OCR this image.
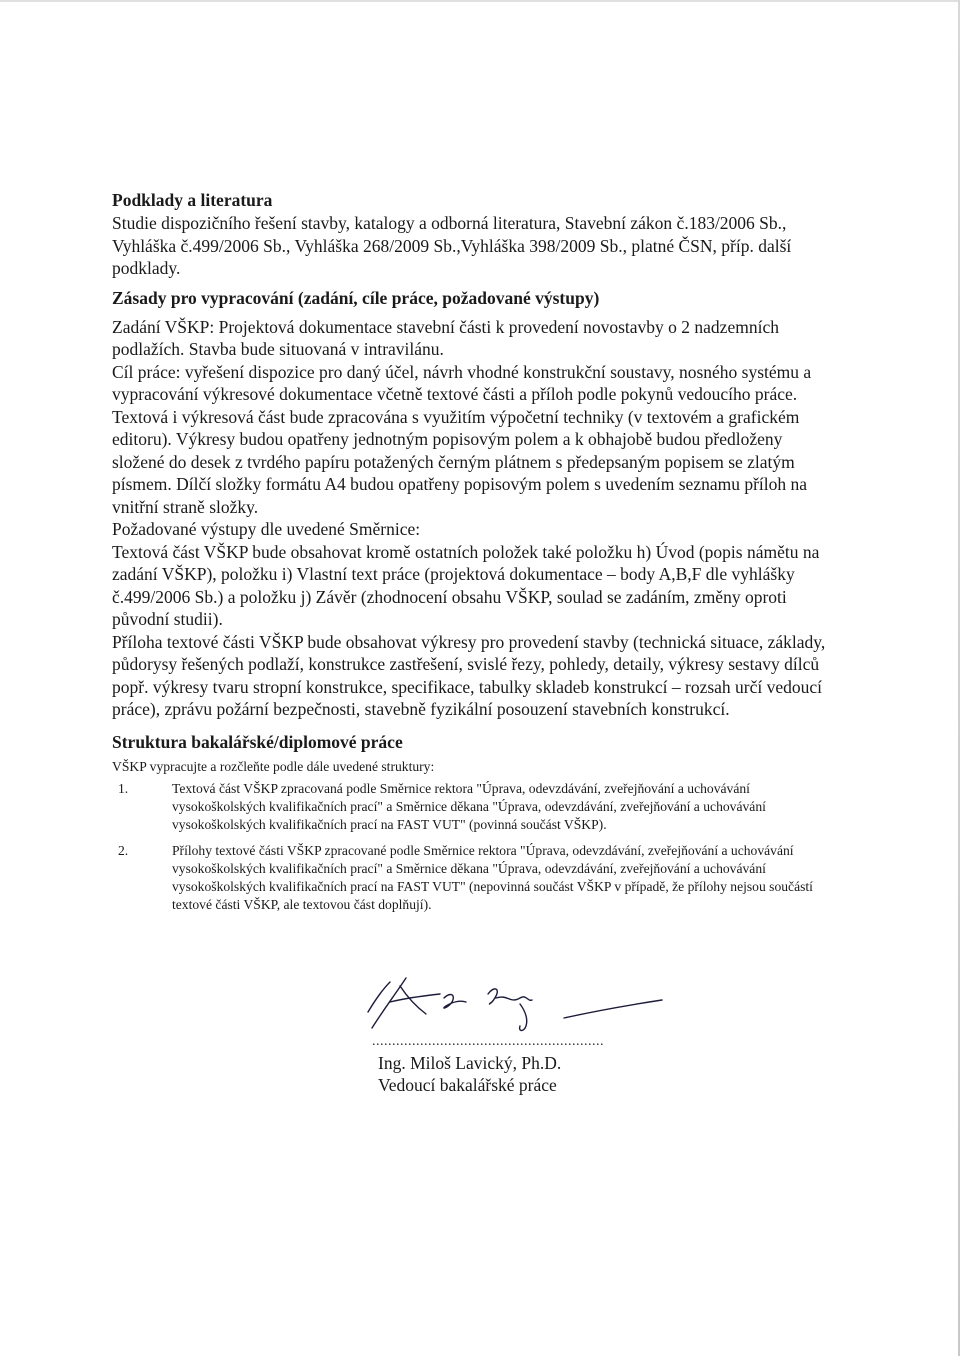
Podklady a literatura

Studie dispozičního řešení stavby, katalogy a odborná literatura, Stavební zákon č.183/2006 Sb., Vyhláška č.499/2006 Sb., Vyhláška 268/2009 Sb.,Vyhláška 398/2009 Sb., platné ČSN, příp. další podklady.

Zásady pro vypracování (zadání, cíle práce, požadované výstupy)

Zadání VŠKP: Projektová dokumentace stavební části k provedení novostavby o 2 nadzemních podlažích. Stavba bude situovaná v intravilánu.

Cíl práce: vyřešení dispozice pro daný účel, návrh vhodné konstrukční soustavy, nosného systému a vypracování výkresové dokumentace včetně textové části a příloh podle pokynů vedoucího práce. Textová i výkresová část bude zpracována s využitím výpočetní techniky (v textovém a grafickém editoru). Výkresy budou opatřeny jednotným popisovým polem a k obhajobě budou předloženy složené do desek z tvrdého papíru potažených černým plátnem s předepsaným popisem se zlatým písmem. Dílčí složky formátu A4 budou opatřeny popisovým polem s uvedením seznamu příloh na vnitřní straně složky.

Požadované výstupy dle uvedené Směrnice:

Textová část VŠKP bude obsahovat kromě ostatních položek také položku h) Úvod (popis námětu na zadání VŠKP), položku i) Vlastní text práce (projektová dokumentace – body A,B,F dle vyhlášky č.499/2006 Sb.) a položku j) Závěr (zhodnocení obsahu VŠKP, soulad se zadáním, změny oproti původní studii).

Příloha textové části VŠKP bude obsahovat výkresy pro provedení stavby (technická situace, základy, půdorysy řešených podlaží, konstrukce zastřešení, svislé řezy, pohledy, detaily, výkresy sestavy dílců popř. výkresy tvaru stropní konstrukce, specifikace, tabulky skladeb konstrukcí – rozsah určí vedoucí práce), zprávu požární bezpečnosti, stavebně fyzikální posouzení stavebních konstrukcí.

Struktura bakalářské/diplomové práce

VŠKP vypracujte a rozčleňte podle dále uvedené struktury:

1.	Textová část VŠKP zpracovaná podle Směrnice rektora "Úprava, odevzdávání, zveřejňování a uchovávání vysokoškolských kvalifikačních prací" a Směrnice děkana "Úprava, odevzdávání, zveřejňování a uchovávání vysokoškolských kvalifikačních prací na FAST VUT" (povinná součást VŠKP).
2.	Přílohy textové části VŠKP zpracované podle Směrnice rektora "Úprava, odevzdávání, zveřejňování a uchovávání vysokoškolských kvalifikačních prací" a Směrnice děkana "Úprava, odevzdávání, zveřejňování a uchovávání vysokoškolských kvalifikačních prací na FAST VUT" (nepovinná součást VŠKP v případě, že přílohy nejsou součástí textové části VŠKP, ale textovou část doplňují).
..........................................................
Ing. Miloš Lavický, Ph.D.
Vedoucí bakalářské práce
